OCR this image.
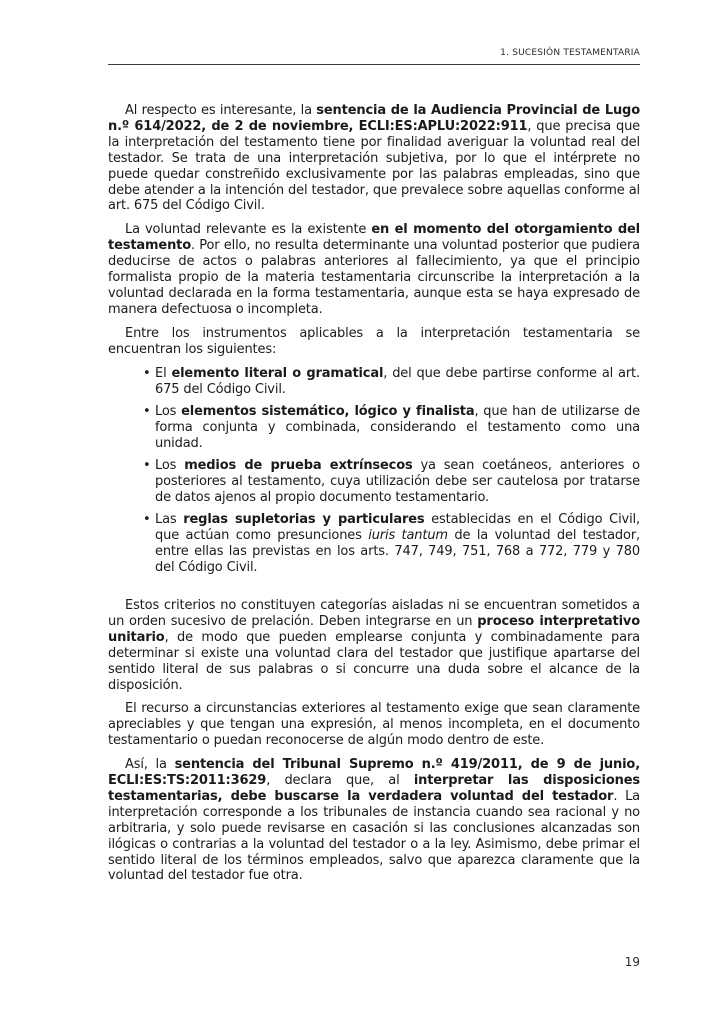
1. SUCESIÓN TESTAMENTARIA

Al respecto es interesante, la sentencia de la Audiencia Provincial de Lugo n.º 614/2022, de 2 de noviembre, ECLI:ES:APLU:2022:911, que precisa que la interpretación del testamento tiene por finalidad averiguar la voluntad real del testador. Se trata de una interpretación subjetiva, por lo que el intérprete no puede quedar constreñido exclusivamente por las palabras empleadas, sino que debe atender a la intención del testador, que prevalece sobre aquellas conforme al art. 675 del Código Civil.

La voluntad relevante es la existente en el momento del otorgamiento del testamento. Por ello, no resulta determinante una voluntad posterior que pudiera deducirse de actos o palabras anteriores al fallecimiento, ya que el principio formalista propio de la materia testamentaria circunscribe la interpretación a la voluntad declarada en la forma testamentaria, aunque esta se haya expresado de manera defectuosa o incompleta.

Entre los instrumentos aplicables a la interpretación testamentaria se encuentran los siguientes:

• El elemento literal o gramatical, del que debe partirse conforme al art. 675 del Código Civil.
• Los elementos sistemático, lógico y finalista, que han de utilizarse de forma conjunta y combinada, considerando el testamento como una unidad.
• Los medios de prueba extrínsecos ya sean coetáneos, anteriores o posteriores al testamento, cuya utilización debe ser cautelosa por tratarse de datos ajenos al propio documento testamentario.
• Las reglas supletorias y particulares establecidas en el Código Civil, que actúan como presunciones iuris tantum de la voluntad del testador, entre ellas las previstas en los arts. 747, 749, 751, 768 a 772, 779 y 780 del Código Civil.

Estos criterios no constituyen categorías aisladas ni se encuentran sometidos a un orden sucesivo de prelación. Deben integrarse en un proceso interpretativo unitario, de modo que pueden emplearse conjunta y combinadamente para determinar si existe una voluntad clara del testador que justifique apartarse del sentido literal de sus palabras o si concurre una duda sobre el alcance de la disposición.

El recurso a circunstancias exteriores al testamento exige que sean claramente apreciables y que tengan una expresión, al menos incompleta, en el documento testamentario o puedan reconocerse de algún modo dentro de este.

Así, la sentencia del Tribunal Supremo n.º 419/2011, de 9 de junio, ECLI:ES:TS:2011:3629, declara que, al interpretar las disposiciones testamentarias, debe buscarse la verdadera voluntad del testador. La interpretación corresponde a los tribunales de instancia cuando sea racional y no arbitraria, y solo puede revisarse en casación si las conclusiones alcanzadas son ilógicas o contrarias a la voluntad del testador o a la ley. Asimismo, debe primar el sentido literal de los términos empleados, salvo que aparezca claramente que la voluntad del testador fue otra.

19
